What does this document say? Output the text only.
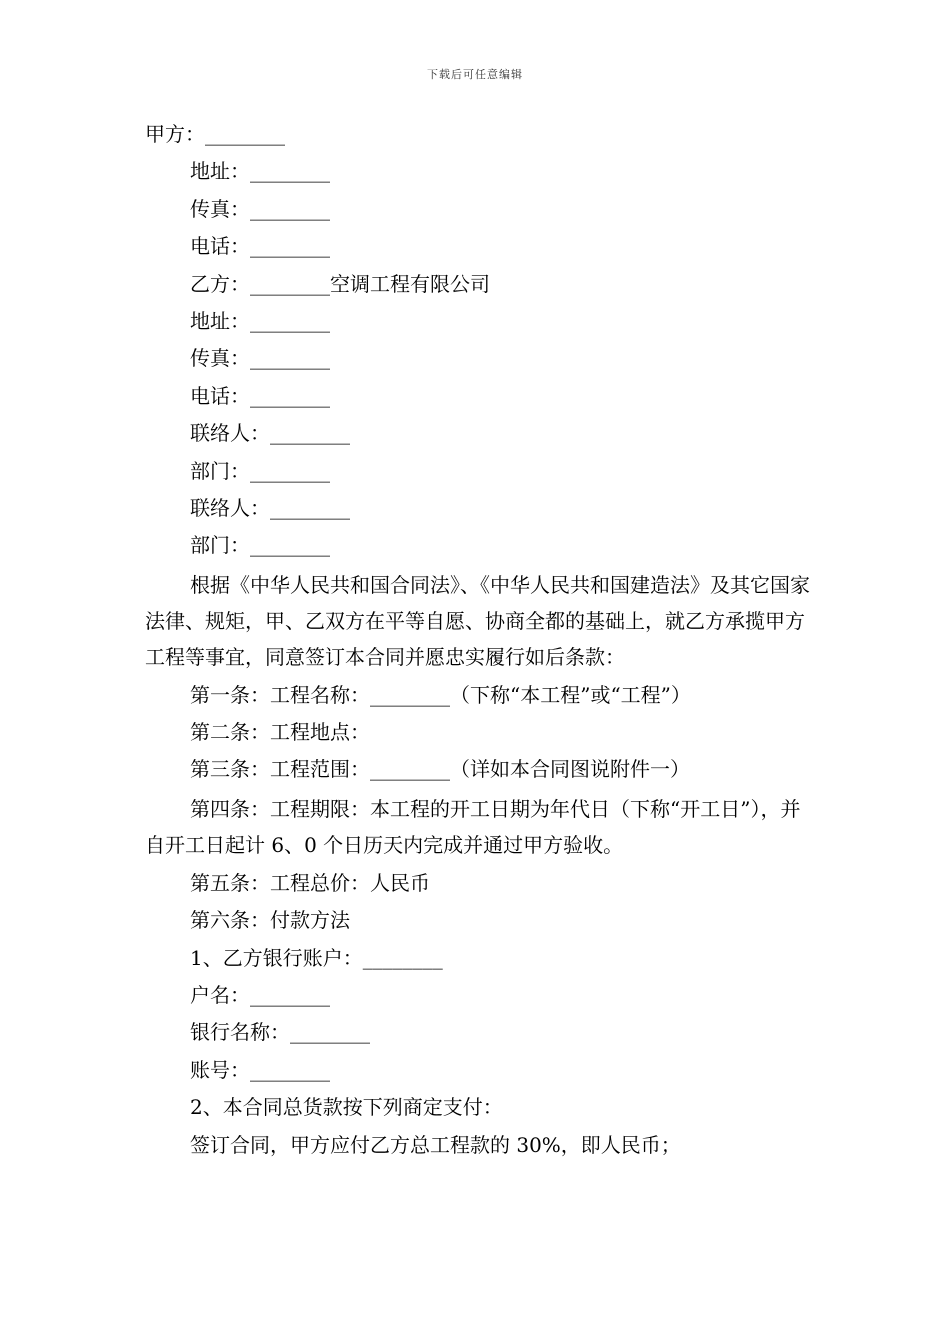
下载后可任意编辑
甲方：________
地址：________
传真：________
电话：________
乙方：________空调工程有限公司
地址：________
传真：________
电话：________
联络人：________
部门：________
联络人：________
部门：________
根据《中华人民共和国合同法》、《中华人民共和国建造法》及其它国家法律、规矩，甲、乙双方在平等自愿、协商全都的基础上，就乙方承揽甲方工程等事宜，同意签订本合同并愿忠实履行如后条款：
第一条：工程名称：________（下称“本工程”或“工程”）
第二条：工程地点：
第三条：工程范围：________（详如本合同图说附件一）
第四条：工程期限：本工程的开工日期为年代日（下称“开工日”），并自开工日起计 6、0 个日历天内完成并通过甲方验收。
第五条：工程总价：人民币
第六条：付款方法
1、乙方银行账户：________
户名：________
银行名称：________
账号：________
2、本合同总货款按下列商定支付：
签订合同，甲方应付乙方总工程款的 30%，即人民币；
